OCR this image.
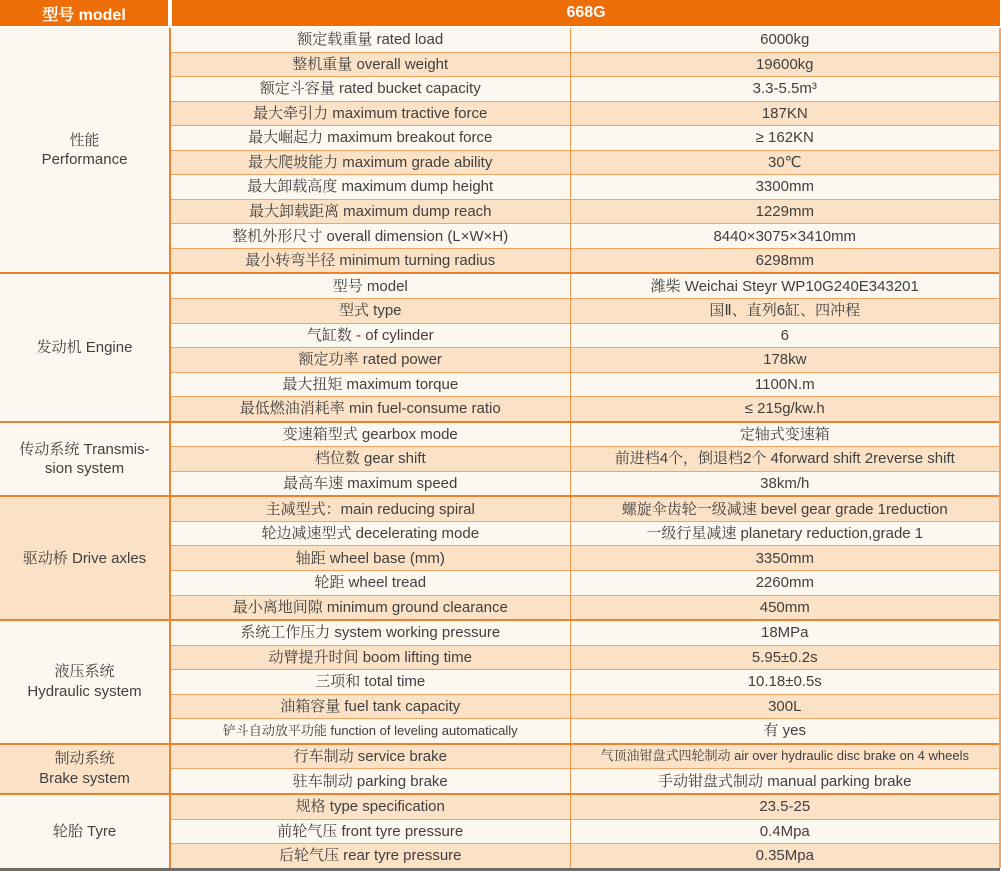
型号 model	668G	

性能
Performance	额定载重量 rated load	6000kg
	整机重量 overall weight	19600kg
	额定斗容量 rated bucket capacity	3.3-5.5m³
	最大牵引力 maximum tractive force	187KN
	最大崛起力 maximum breakout force	≥ 162KN
	最大爬坡能力 maximum grade ability	30℃
	最大卸载高度 maximum dump height	3300mm
	最大卸载距离 maximum dump reach	1229mm
	整机外形尺寸 overall dimension (L×W×H)	8440×3075×3410mm
	最小转弯半径 minimum turning radius	6298mm

发动机 Engine	型号 model	潍柴 Weichai Steyr WP10G240E343201
	型式 type	国Ⅱ、直列6缸、四冲程
	气缸数 - of cylinder	6
	额定功率 rated power	178kw
	最大扭矩 maximum torque	1100N.m
	最低燃油消耗率 min fuel-consume ratio	≤ 215g/kw.h

传动系统 Transmis-
sion system	变速箱型式 gearbox mode	定轴式变速箱
	档位数 gear shift	前进档4个，倒退档2个 4forward shift 2reverse shift
	最高车速 maximum speed	38km/h

驱动桥 Drive axles	主减型式：main reducing spiral	螺旋伞齿轮一级减速 bevel gear grade 1reduction
	轮边减速型式 decelerating mode	一级行星减速 planetary reduction,grade 1
	轴距 wheel base (mm)	3350mm
	轮距 wheel tread	2260mm
	最小离地间隙 minimum ground clearance	450mm

液压系统
Hydraulic system	系统工作压力 system working pressure	18MPa
	动臂提升时间 boom lifting time	5.95±0.2s
	三项和 total time	10.18±0.5s
	油箱容量 fuel tank capacity	300L
	铲斗自动放平功能 function of leveling automatically	有 yes

制动系统
Brake system	行车制动 service brake	气顶油钳盘式四轮制动 air over hydraulic disc brake on 4 wheels
	驻车制动 parking brake	手动钳盘式制动 manual parking brake

轮胎 Tyre	规格 type specification	23.5-25
	前轮气压 front tyre pressure	0.4Mpa
	后轮气压 rear tyre pressure	0.35Mpa
